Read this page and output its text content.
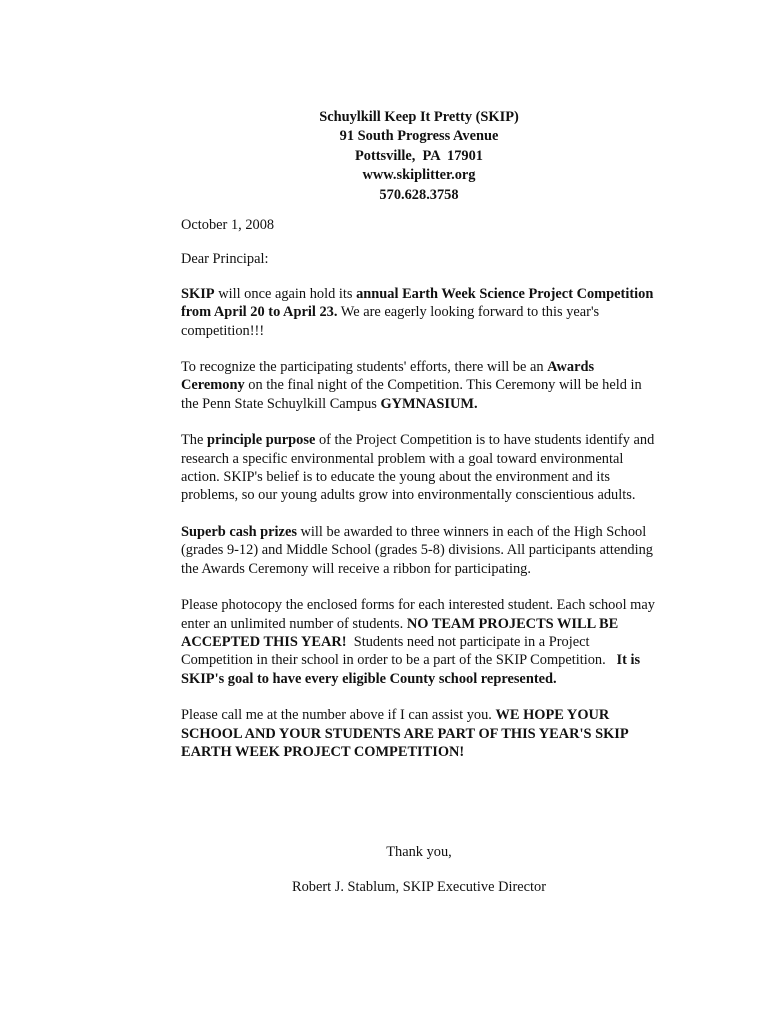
Schuylkill Keep It Pretty (SKIP)
91 South Progress Avenue
Pottsville,  PA  17901
www.skiplitter.org
570.628.3758

October 1, 2008

Dear Principal:

SKIP will once again hold its annual Earth Week Science Project Competition from April 20 to April 23. We are eagerly looking forward to this year's competition!!!

To recognize the participating students' efforts, there will be an Awards Ceremony on the final night of the Competition. This Ceremony will be held in the Penn State Schuylkill Campus GYMNASIUM.

The principle purpose of the Project Competition is to have students identify and research a specific environmental problem with a goal toward environmental action. SKIP's belief is to educate the young about the environment and its problems, so our young adults grow into environmentally conscientious adults.

Superb cash prizes will be awarded to three winners in each of the High School (grades 9-12) and Middle School (grades 5-8) divisions. All participants attending the Awards Ceremony will receive a ribbon for participating.

Please photocopy the enclosed forms for each interested student. Each school may enter an unlimited number of students. NO TEAM PROJECTS WILL BE ACCEPTED THIS YEAR!  Students need not participate in a Project Competition in their school in order to be a part of the SKIP Competition.   It is SKIP's goal to have every eligible County school represented.

Please call me at the number above if I can assist you. WE HOPE YOUR SCHOOL AND YOUR STUDENTS ARE PART OF THIS YEAR'S SKIP EARTH WEEK PROJECT COMPETITION!

Thank you,
Robert J. Stablum, SKIP Executive Director
